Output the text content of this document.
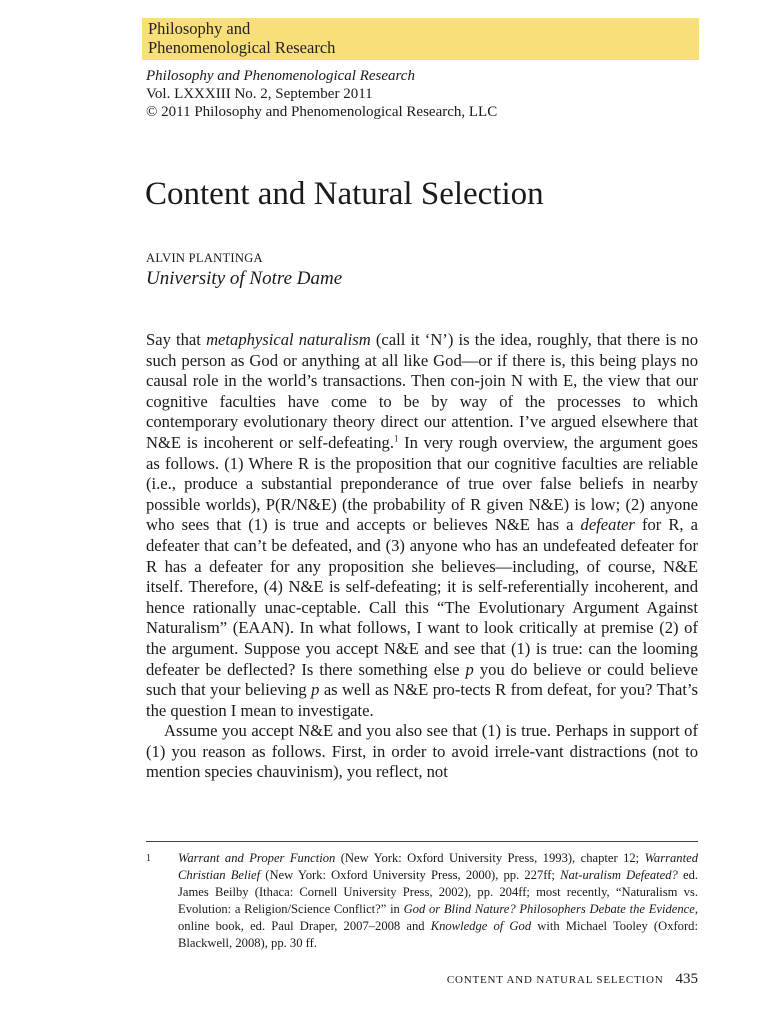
Philosophy and
Phenomenological Research
Philosophy and Phenomenological Research
Vol. LXXXIII No. 2, September 2011
© 2011 Philosophy and Phenomenological Research, LLC
Content and Natural Selection
ALVIN PLANTINGA
University of Notre Dame

Say that metaphysical naturalism (call it ‘N’) is the idea, roughly, that there is no such person as God or anything at all like God—or if there is, this being plays no causal role in the world’s transactions. Then con-join N with E, the view that our cognitive faculties have come to be by way of the processes to which contemporary evolutionary theory direct our attention. I’ve argued elsewhere that N&E is incoherent or self-defeating.$^1$ In very rough overview, the argument goes as follows. (1) Where R is the proposition that our cognitive faculties are reliable (i.e., produce a substantial preponderance of true over false beliefs in nearby possible worlds), P(R/N&E) (the probability of R given N&E) is low; (2) anyone who sees that (1) is true and accepts or believes N&E has a defeater for R, a defeater that can’t be defeated, and (3) anyone who has an undefeated defeater for R has a defeater for any proposition she believes—including, of course, N&E itself. Therefore, (4) N&E is self-defeating; it is self-referentially incoherent, and hence rationally unac-ceptable. Call this “The Evolutionary Argument Against Naturalism” (EAAN). In what follows, I want to look critically at premise (2) of the argument. Suppose you accept N&E and see that (1) is true: can the looming defeater be deflected? Is there something else p you do believe or could believe such that your believing p as well as N&E pro-tects R from defeat, for you? That’s the question I mean to investigate.

Assume you accept N&E and you also see that (1) is true. Perhaps in support of (1) you reason as follows. First, in order to avoid irrele-vant distractions (not to mention species chauvinism), you reflect, not

1 Warrant and Proper Function (New York: Oxford University Press, 1993), chapter 12; Warranted Christian Belief (New York: Oxford University Press, 2000), pp. 227ff; Nat-uralism Defeated? ed. James Beilby (Ithaca: Cornell University Press, 2002), pp. 204ff; most recently, “Naturalism vs. Evolution: a Religion/Science Conflict?” in God or Blind Nature? Philosophers Debate the Evidence, online book, ed. Paul Draper, 2007–2008 and Knowledge of God with Michael Tooley (Oxford: Blackwell, 2008), pp. 30 ff.
CONTENT AND NATURAL SELECTION 435
